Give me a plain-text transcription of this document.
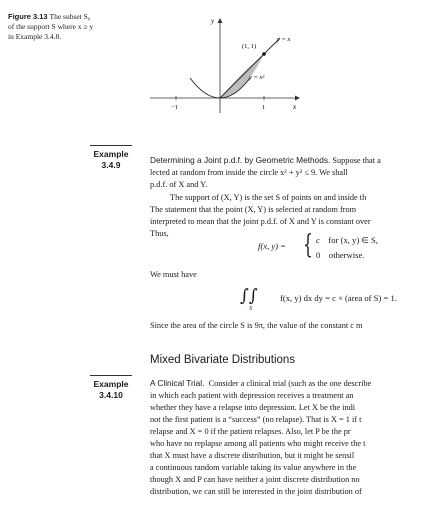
Figure 3.13 The subset S₀
of the support S where x ≥ y
in Example 3.4.8.
y
x
(1, 1)
y = x
y = x²
−1	1
Example
3.4.9	Determining a Joint p.d.f. by Geometric Methods. Suppose that a
lected at random from inside the circle x² + y² ≤ 9. We shall
p.d.f. of X and Y.
The support of (X, Y) is the set S of points on and inside th
The statement that the point (X, Y) is selected at random from
interpreted to mean that the joint p.d.f. of X and Y is constant over
Thus,
f(x, y) = { c for (x, y) ∈ S,
0 otherwise.
We must have
∫∫
S
f(x, y) dx dy = c × (area of S) = 1.
Since the area of the circle S is 9π, the value of the constant c m
Mixed Bivariate Distributions
Example
3.4.10
A Clinical Trial. Consider a clinical trial (such as the one describe
in which each patient with depression receives a treatment an
whether they have a relapse into depression. Let X be the indi
not the first patient is a “success” (no relapse). That is X = 1 if t
relapse and X = 0 if the patient relapses. Also, let P be the pr
who have no replapse among all patients who might receive the t
that X must have a discrete distribution, but it might be sensil
a continuous random variable taking its value anywhere in the
though X and P can have neither a joint discrete distribution no
distribution, we can still be interested in the joint distribution of
